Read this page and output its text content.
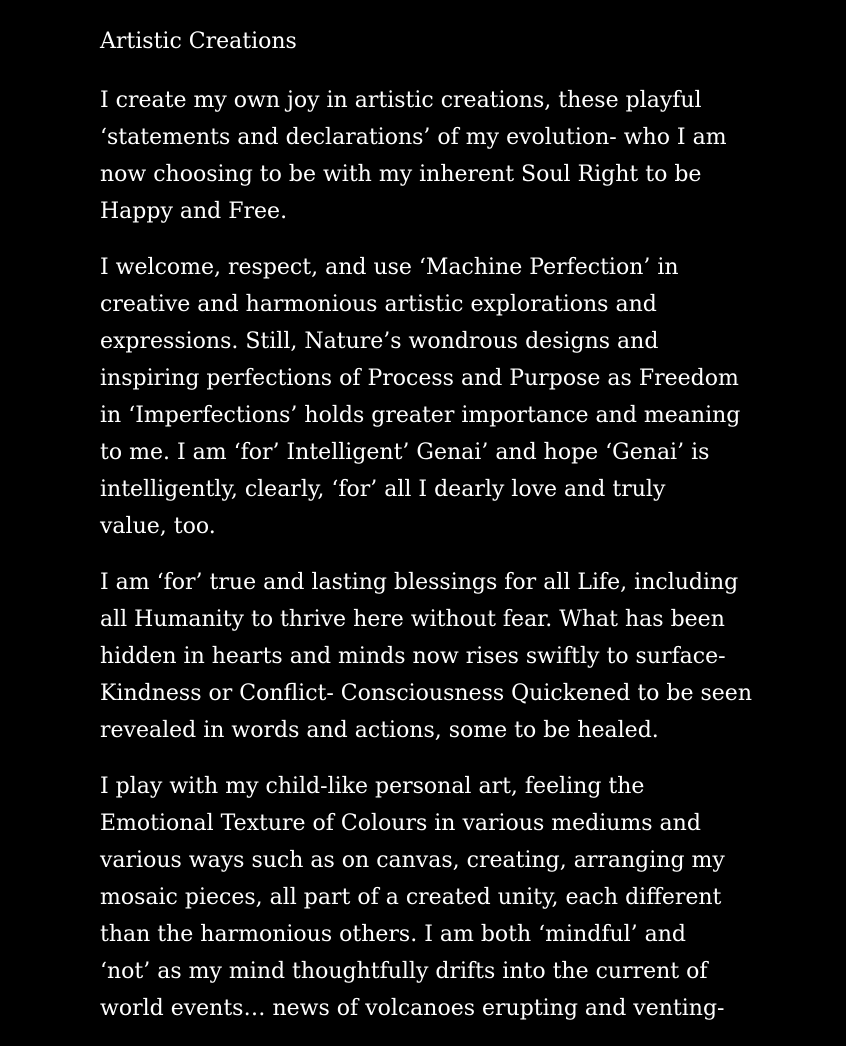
Artistic Creations
I create my own joy in artistic creations, these playful
‘statements and declarations’ of my evolution- who I am
now choosing to be with my inherent Soul Right to be
Happy and Free.
I welcome, respect, and use ‘Machine Perfection’ in
creative and harmonious artistic explorations and
expressions. Still, Nature’s wondrous designs and
inspiring perfections of Process and Purpose as Freedom
in ‘Imperfections’ holds greater importance and meaning
to me. I am ‘for’ Intelligent’ Genai’ and hope ‘Genai’ is
intelligently, clearly, ‘for’ all I dearly love and truly
value, too.
I am ‘for’ true and lasting blessings for all Life, including
all Humanity to thrive here without fear. What has been
hidden in hearts and minds now rises swiftly to surface-
Kindness or Conflict- Consciousness Quickened to be seen
revealed in words and actions, some to be healed.
I play with my child-like personal art, feeling the
Emotional Texture of Colours in various mediums and
various ways such as on canvas, creating, arranging my
mosaic pieces, all part of a created unity, each different
than the harmonious others. I am both ‘mindful’ and
‘not’ as my mind thoughtfully drifts into the current of
world events… news of volcanoes erupting and venting-
